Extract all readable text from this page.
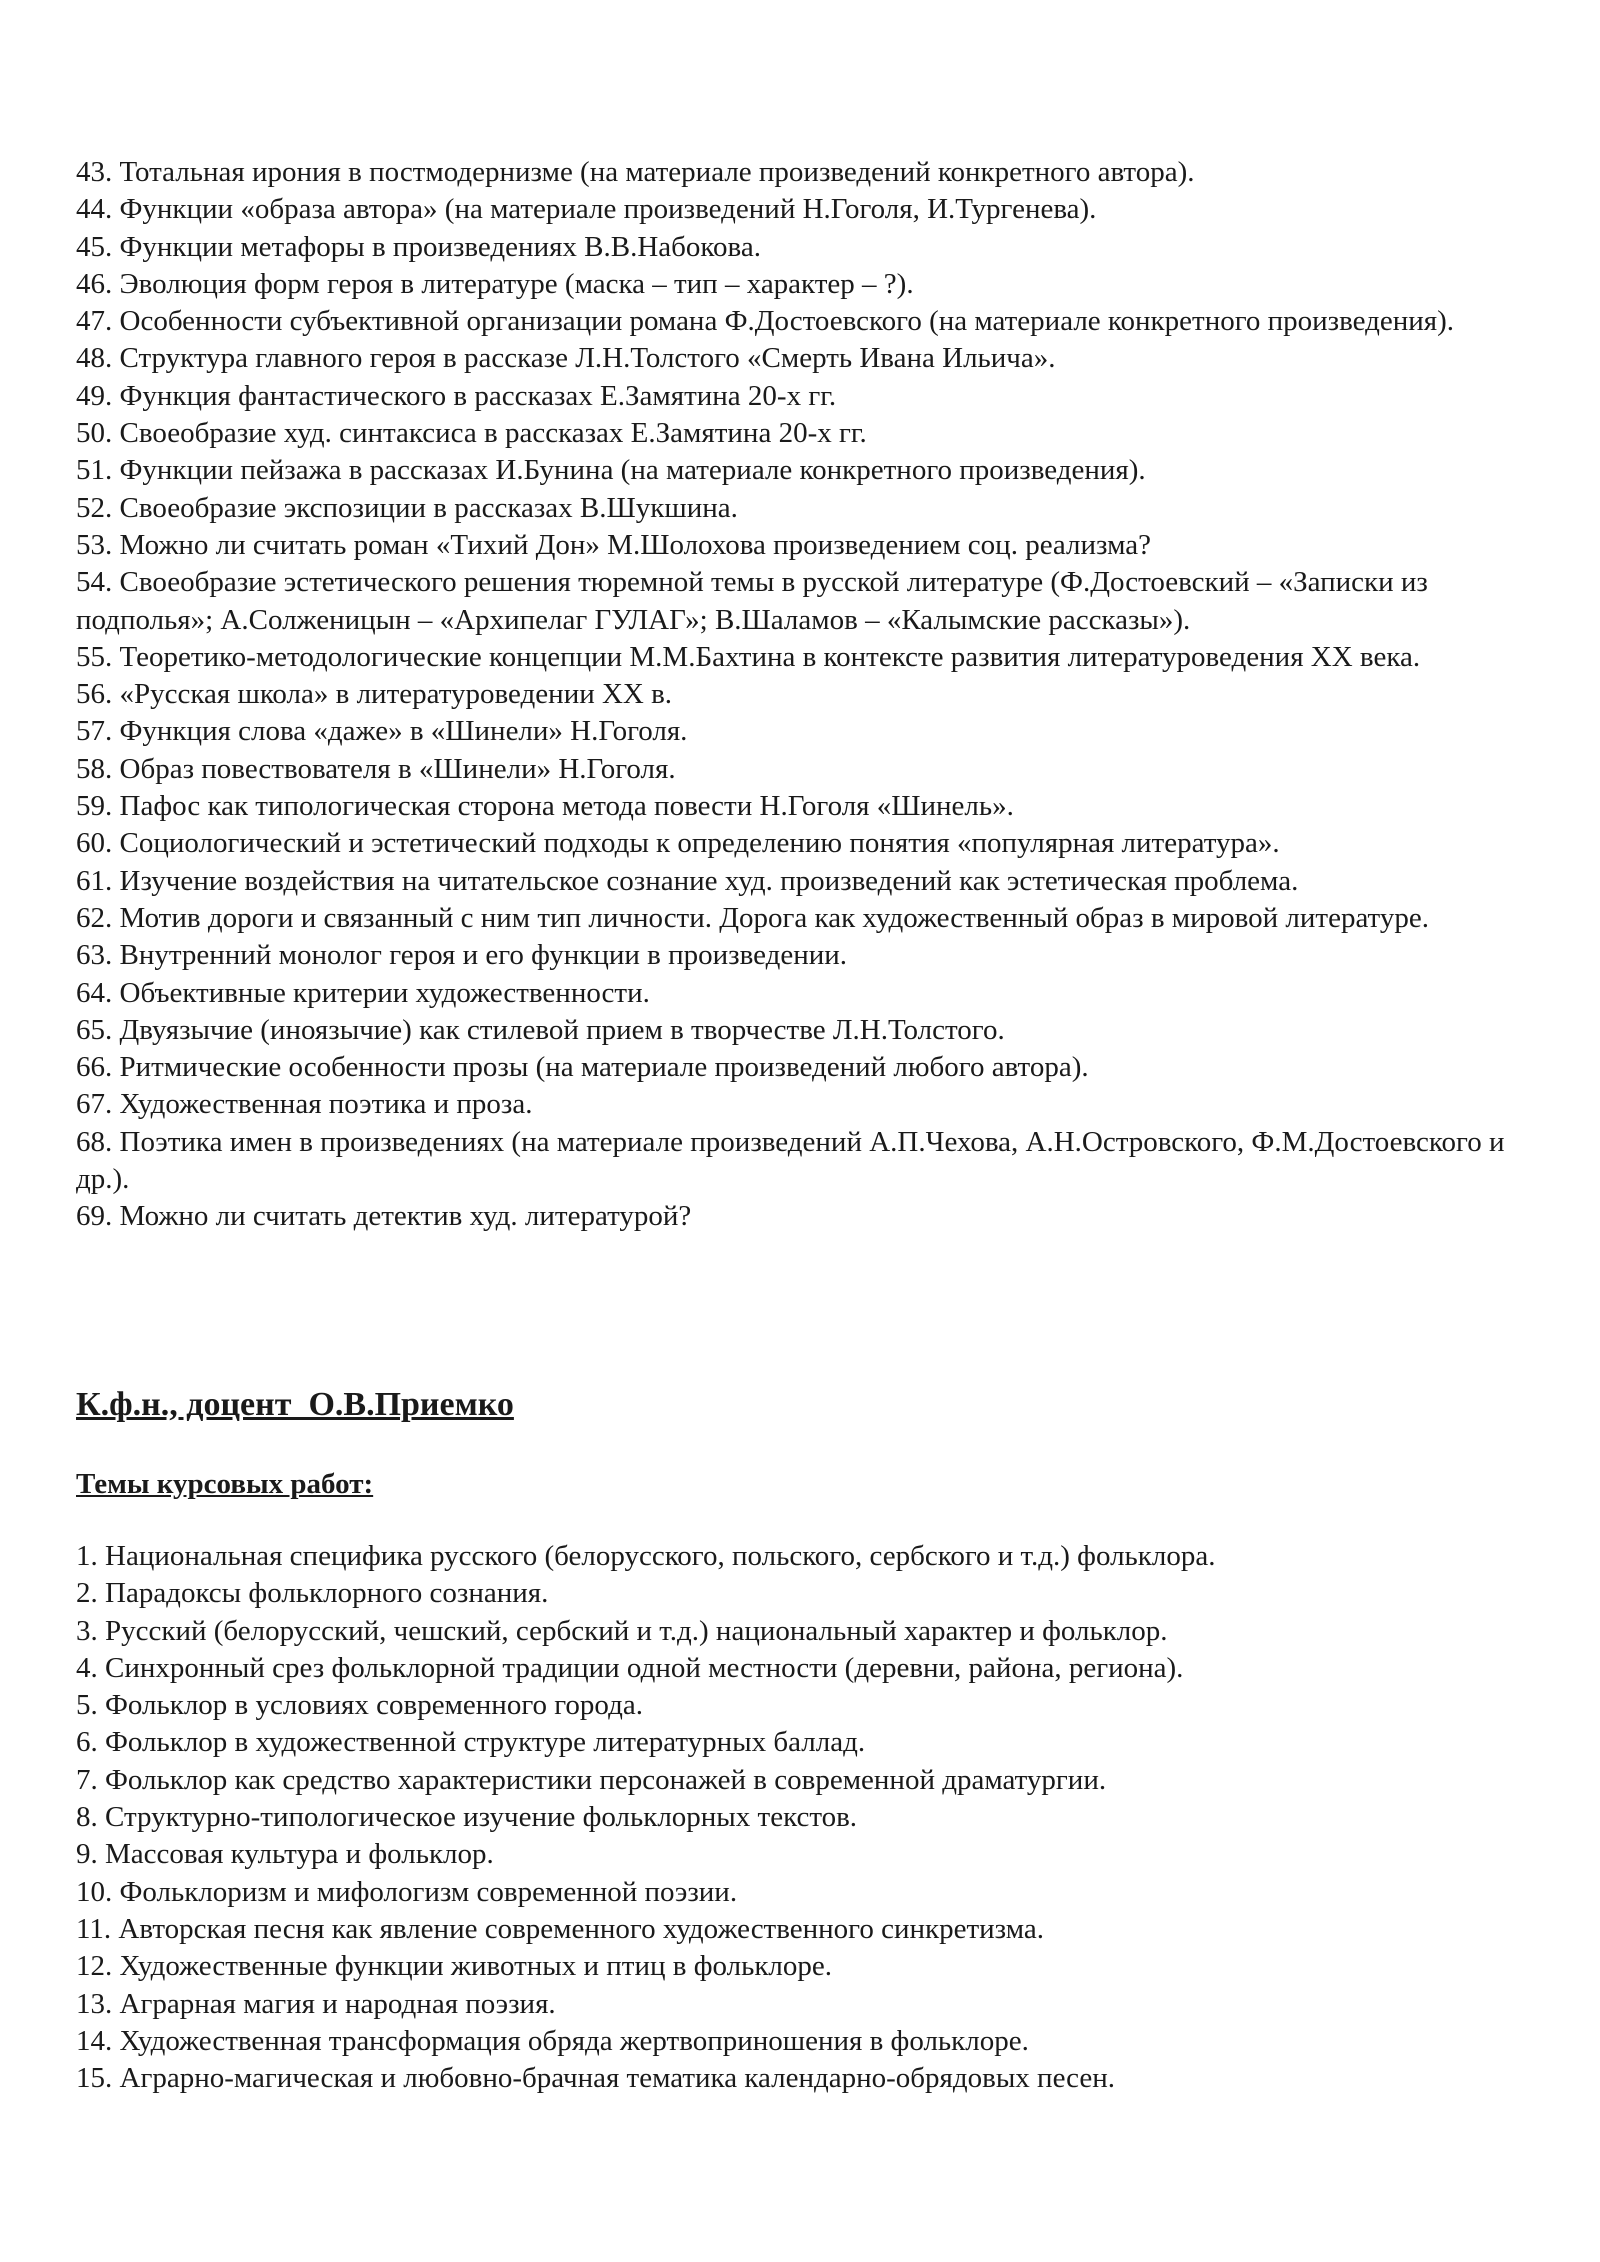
43. Тотальная ирония в постмодернизме (на материале произведений конкретного автора).
44. Функции «образа автора» (на материале произведений Н.Гоголя, И.Тургенева).
45. Функции метафоры в произведениях В.В.Набокова.
46. Эволюция форм героя в литературе (маска – тип – характер – ?).
47. Особенности субъективной организации романа Ф.Достоевского (на материале конкретного произведения).
48. Структура главного героя в рассказе Л.Н.Толстого «Смерть Ивана Ильича».
49. Функция фантастического в рассказах Е.Замятина 20-х гг.
50. Своеобразие худ. синтаксиса в рассказах Е.Замятина 20-х гг.
51. Функции пейзажа в рассказах И.Бунина (на материале конкретного произведения).
52. Своеобразие экспозиции в рассказах В.Шукшина.
53. Можно ли считать роман «Тихий Дон» М.Шолохова произведением соц. реализма?
54. Своеобразие эстетического решения тюремной темы в русской литературе (Ф.Достоевский – «Записки из подполья»; А.Солженицын – «Архипелаг ГУЛАГ»; В.Шаламов – «Калымские рассказы»).
55. Теоретико-методологические концепции М.М.Бахтина в контексте развития литературоведения XX века.
56. «Русская школа» в литературоведении XX в.
57. Функция слова «даже» в «Шинели» Н.Гоголя.
58. Образ повествователя в «Шинели» Н.Гоголя.
59. Пафос как типологическая сторона метода повести Н.Гоголя «Шинель».
60. Социологический и эстетический подходы к определению понятия «популярная литература».
61. Изучение воздействия на читательское сознание худ. произведений как эстетическая проблема.
62. Мотив дороги и связанный с ним тип личности. Дорога как художественный образ в мировой литературе.
63. Внутренний монолог героя и его функции в произведении.
64. Объективные критерии художественности.
65. Двуязычие (иноязычие) как стилевой прием в творчестве Л.Н.Толстого.
66. Ритмические особенности прозы (на материале произведений любого автора).
67. Художественная поэтика и проза.
68. Поэтика имен в произведениях (на материале произведений А.П.Чехова, А.Н.Островского, Ф.М.Достоевского и др.).
69. Можно ли считать детектив худ. литературой?
К.ф.н., доцент  О.В.Приемко
Темы курсовых работ:
1. Национальная специфика русского (белорусского, польского, сербского и т.д.) фольклора.
2. Парадоксы фольклорного сознания.
3. Русский (белорусский, чешский, сербский и т.д.) национальный характер и фольклор.
4. Синхронный срез фольклорной традиции одной местности (деревни, района, региона).
5. Фольклор в условиях современного города.
6. Фольклор в художественной структуре литературных баллад.
7. Фольклор как средство характеристики персонажей в современной драматургии.
8. Структурно-типологическое изучение фольклорных текстов.
9. Массовая культура и фольклор.
10. Фольклоризм и мифологизм современной поэзии.
11. Авторская песня как явление современного художественного синкретизма.
12. Художественные функции животных и птиц в фольклоре.
13. Аграрная магия и народная поэзия.
14. Художественная трансформация обряда жертвоприношения в фольклоре.
15. Аграрно-магическая и любовно-брачная тематика календарно-обрядовых песен.
